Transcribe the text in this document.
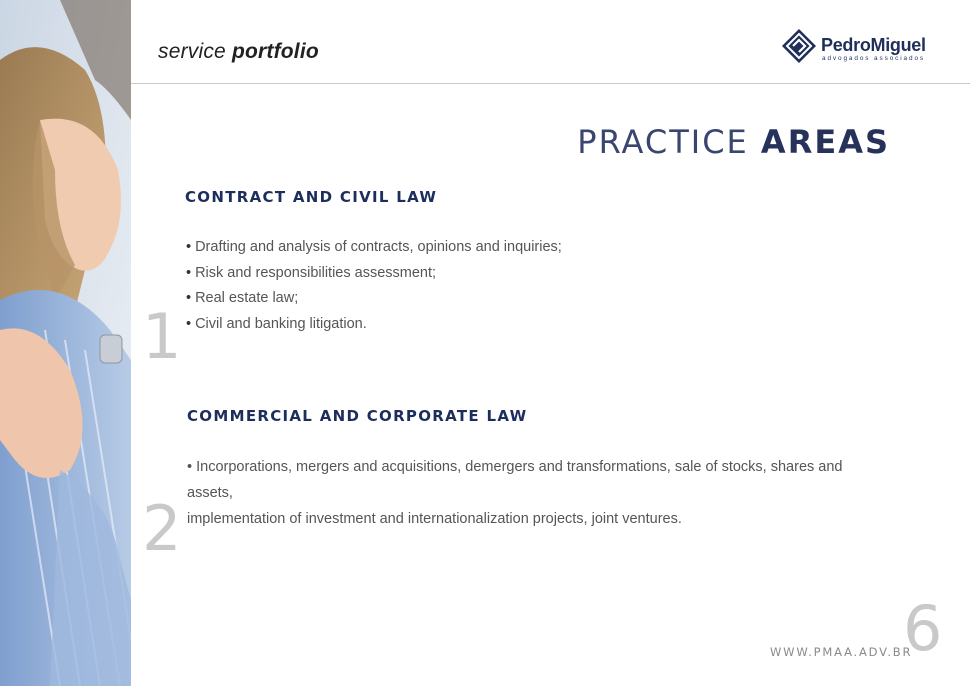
service portfolio	PedroMiguel
advogados associados
PRACTICE AREAS
1
CONTRACT AND CIVIL LAW
• Drafting and analysis of contracts, opinions and inquiries;
• Risk and responsibilities assessment;
• Real estate law;
• Civil and banking litigation.
2
COMMERCIAL AND CORPORATE LAW
• Incorporations, mergers and acquisitions, demergers and transformations, sale of stocks, shares and assets,
implementation of investment and internationalization projects, joint ventures.
WWW.PMAA.ADV.BR
6
